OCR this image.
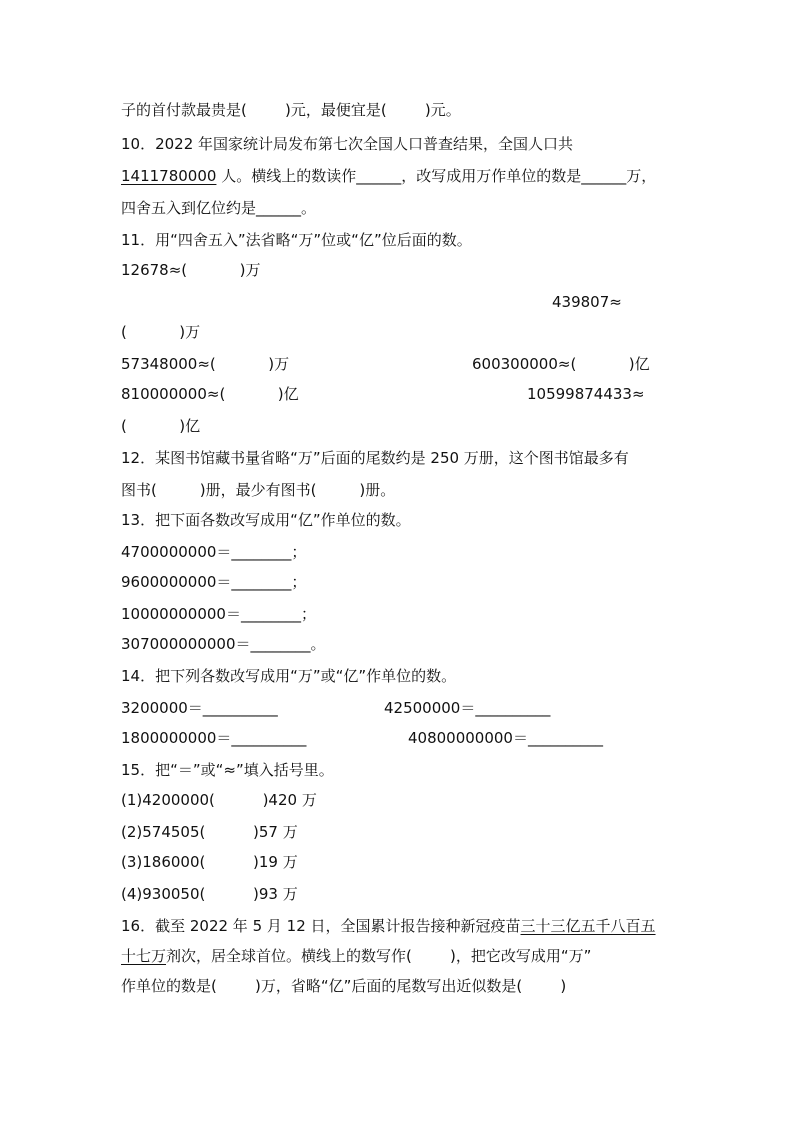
子的首付款最贵是(        )元，最便宜是(        )元。
10．2022 年国家统计局发布第七次全国人口普查结果，全国人口共
1411780000 人。横线上的数读作______，改写成用万作单位的数是______万，
四舍五入到亿位约是______。
11．用“四舍五入”法省略“万”位或“亿”位后面的数。
12678≈(           )万
439807≈
(           )万
57348000≈(           )万	600300000≈(           )亿
810000000≈(           )亿	10599874433≈
(           )亿
12．某图书馆藏书量省略“万”后面的尾数约是 250 万册，这个图书馆最多有
图书(         )册，最少有图书(         )册。
13．把下面各数改写成用“亿”作单位的数。
4700000000＝________；
9600000000＝________；
10000000000＝________；
307000000000＝________。
14．把下列各数改写成用“万”或“亿”作单位的数。
3200000＝__________	42500000＝__________
1800000000＝__________	40800000000＝__________
15．把“＝”或“≈”填入括号里。
(1)4200000(          )420 万
(2)574505(          )57 万
(3)186000(          )19 万
(4)930050(          )93 万
16．截至 2022 年 5 月 12 日，全国累计报告接种新冠疫苗三十三亿五千八百五
十七万剂次，居全球首位。横线上的数写作(        )，把它改写成用“万”
作单位的数是(        )万，省略“亿”后面的尾数写出近似数是(        )
